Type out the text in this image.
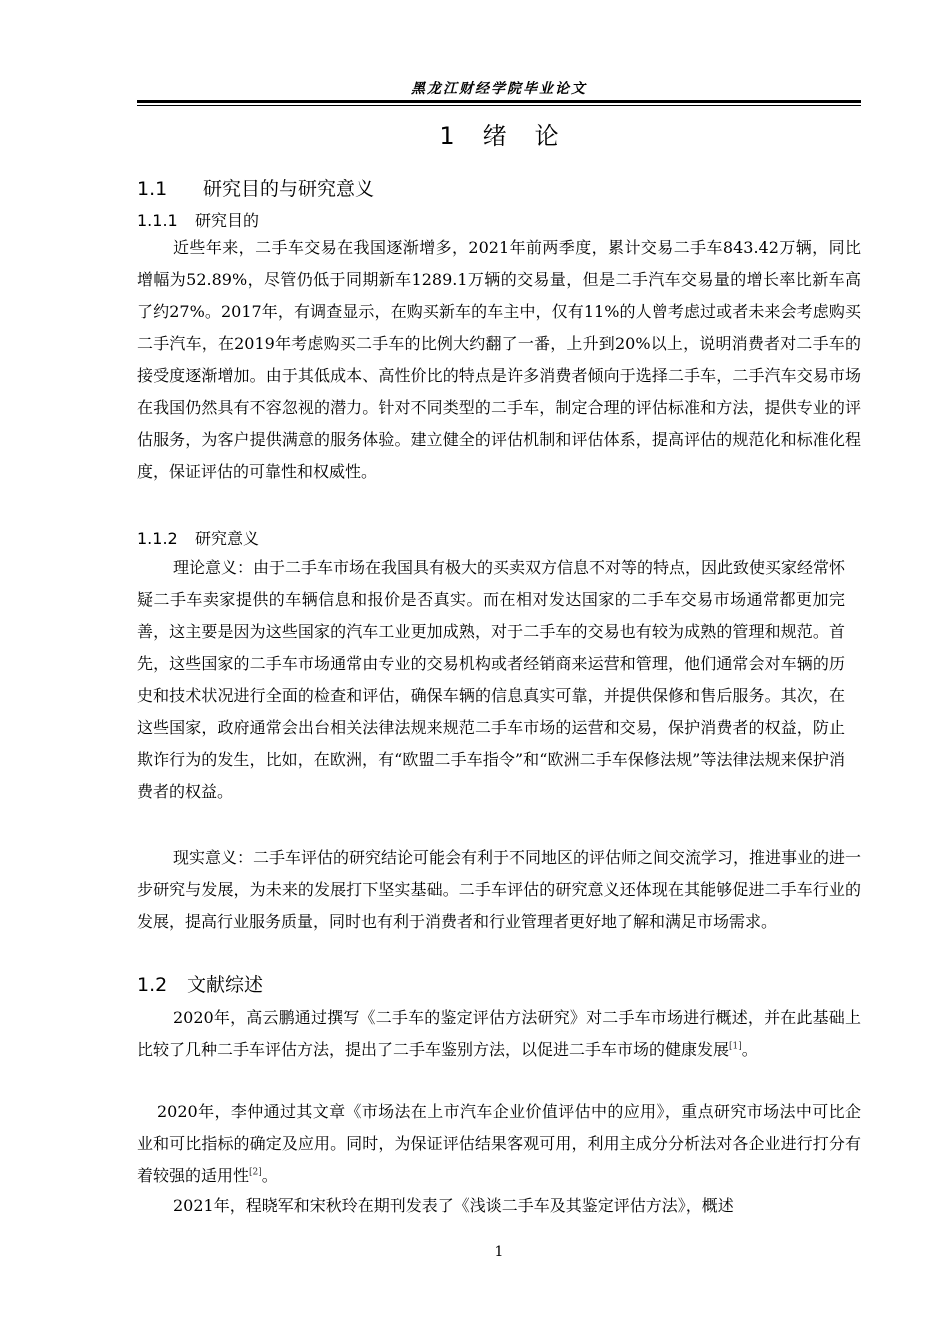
黑龙江财经学院毕业论文
1 绪 论
1.1 研究目的与研究意义
1.1.1 研究目的

近些年来，二手车交易在我国逐渐增多，2021年前两季度，累计交易二手车843.42万辆，同比增幅为52.89%，尽管仍低于同期新车1289.1万辆的交易量，但是二手汽车交易量的增长率比新车高了约27%。2017年，有调查显示，在购买新车的车主中，仅有11%的人曾考虑过或者未来会考虑购买二手汽车，在2019年考虑购买二手车的比例大约翻了一番，上升到20%以上，说明消费者对二手车的接受度逐渐增加。由于其低成本、高性价比的特点是许多消费者倾向于选择二手车，二手汽车交易市场在我国仍然具有不容忽视的潜力。针对不同类型的二手车，制定合理的评估标准和方法，提供专业的评估服务，为客户提供满意的服务体验。建立健全的评估机制和评估体系，提高评估的规范化和标准化程度，保证评估的可靠性和权威性。

1.1.2 研究意义

理论意义：由于二手车市场在我国具有极大的买卖双方信息不对等的特点，因此致使买家经常怀疑二手车卖家提供的车辆信息和报价是否真实。而在相对发达国家的二手车交易市场通常都更加完善，这主要是因为这些国家的汽车工业更加成熟，对于二手车的交易也有较为成熟的管理和规范。首先，这些国家的二手车市场通常由专业的交易机构或者经销商来运营和管理，他们通常会对车辆的历史和技术状况进行全面的检查和评估，确保车辆的信息真实可靠，并提供保修和售后服务。其次，在这些国家，政府通常会出台相关法律法规来规范二手车市场的运营和交易，保护消费者的权益，防止欺诈行为的发生，比如，在欧洲，有“欧盟二手车指令”和“欧洲二手车保修法规”等法律法规来保护消费者的权益。

现实意义：二手车评估的研究结论可能会有利于不同地区的评估师之间交流学习，推进事业的进一步研究与发展，为未来的发展打下坚实基础。二手车评估的研究意义还体现在其能够促进二手车行业的发展，提高行业服务质量，同时也有利于消费者和行业管理者更好地了解和满足市场需求。

1.2 文献综述

2020年，高云鹏通过撰写《二手车的鉴定评估方法研究》对二手车市场进行概述，并在此基础上比较了几种二手车评估方法，提出了二手车鉴别方法，以促进二手车市场的健康发展[1]。

2020年，李仲通过其文章《市场法在上市汽车企业价值评估中的应用》，重点研究市场法中可比企业和可比指标的确定及应用。同时，为保证评估结果客观可用，利用主成分分析法对各企业进行打分有着较强的适用性[2]。

2021年，程晓军和宋秋玲在期刊发表了《浅谈二手车及其鉴定评估方法》，概述

1
